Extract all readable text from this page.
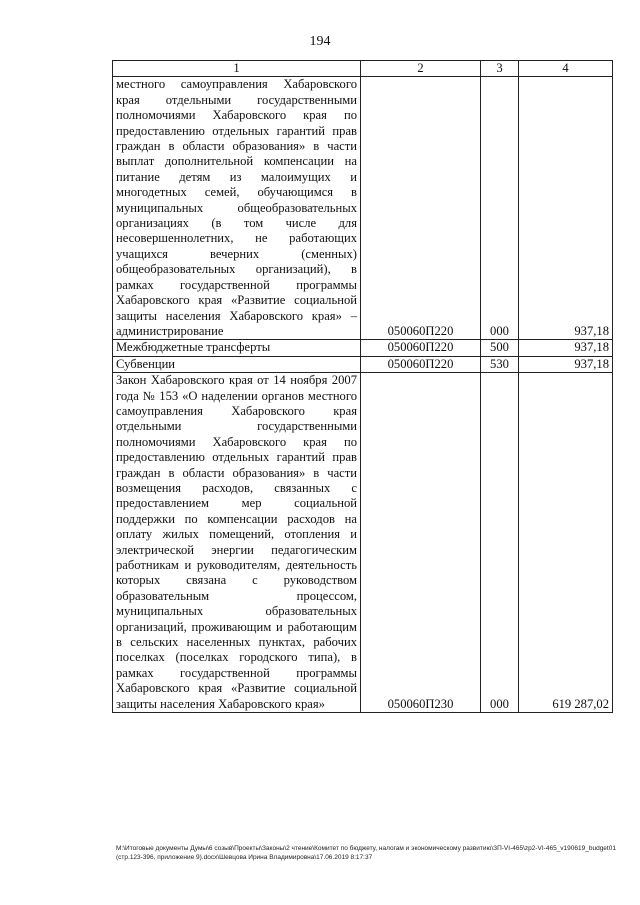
194
1	2	3	4
местного самоуправления Хабаровского края отдельными государственными полномочиями Хабаровского края по предоставлению отдельных гарантий прав граждан в области образования» в части выплат дополнительной компенсации на питание детям из малоимущих и многодетных семей, обучающимся в муниципальных общеобразовательных организациях (в том числе для несовершеннолетних, не работающих учащихся вечерних (сменных) общеобразовательных организаций), в рамках государственной программы Хабаровского края «Развитие социальной защиты населения Хабаровского края» – администрирование	050060П220	000	937,18
Межбюджетные трансферты	050060П220	500	937,18
Субвенции	050060П220	530	937,18
Закон Хабаровского края от 14 ноября 2007 года № 153 «О наделении органов местного самоуправления Хабаровского края отдельными государственными полномочиями Хабаровского края по предоставлению отдельных гарантий прав граждан в области образования» в части возмещения расходов, связанных с предоставлением мер социальной поддержки по компенсации расходов на оплату жилых помещений, отопления и электрической энергии педагогическим работникам и руководителям, деятельность которых связана с руководством образовательным процессом, муниципальных образовательных организаций, проживающим и работающим в сельских населенных пунктах, рабочих поселках (поселках городского типа), в рамках государственной программы Хабаровского края «Развитие социальной защиты населения Хабаровского края»	050060П230	000	619 287,02
M:\Итоговые документы Думы\6 созыв\Проекты\Законы\2 чтение\Комитет по бюджету, налогам и экономическому развитию\ЗП-VI-465\zp2-VI-465_v190619_budget01 (стр.123-396, приложение 9).docx\Шевцова Ирина Владимировна\17.06.2019 8:17:37
